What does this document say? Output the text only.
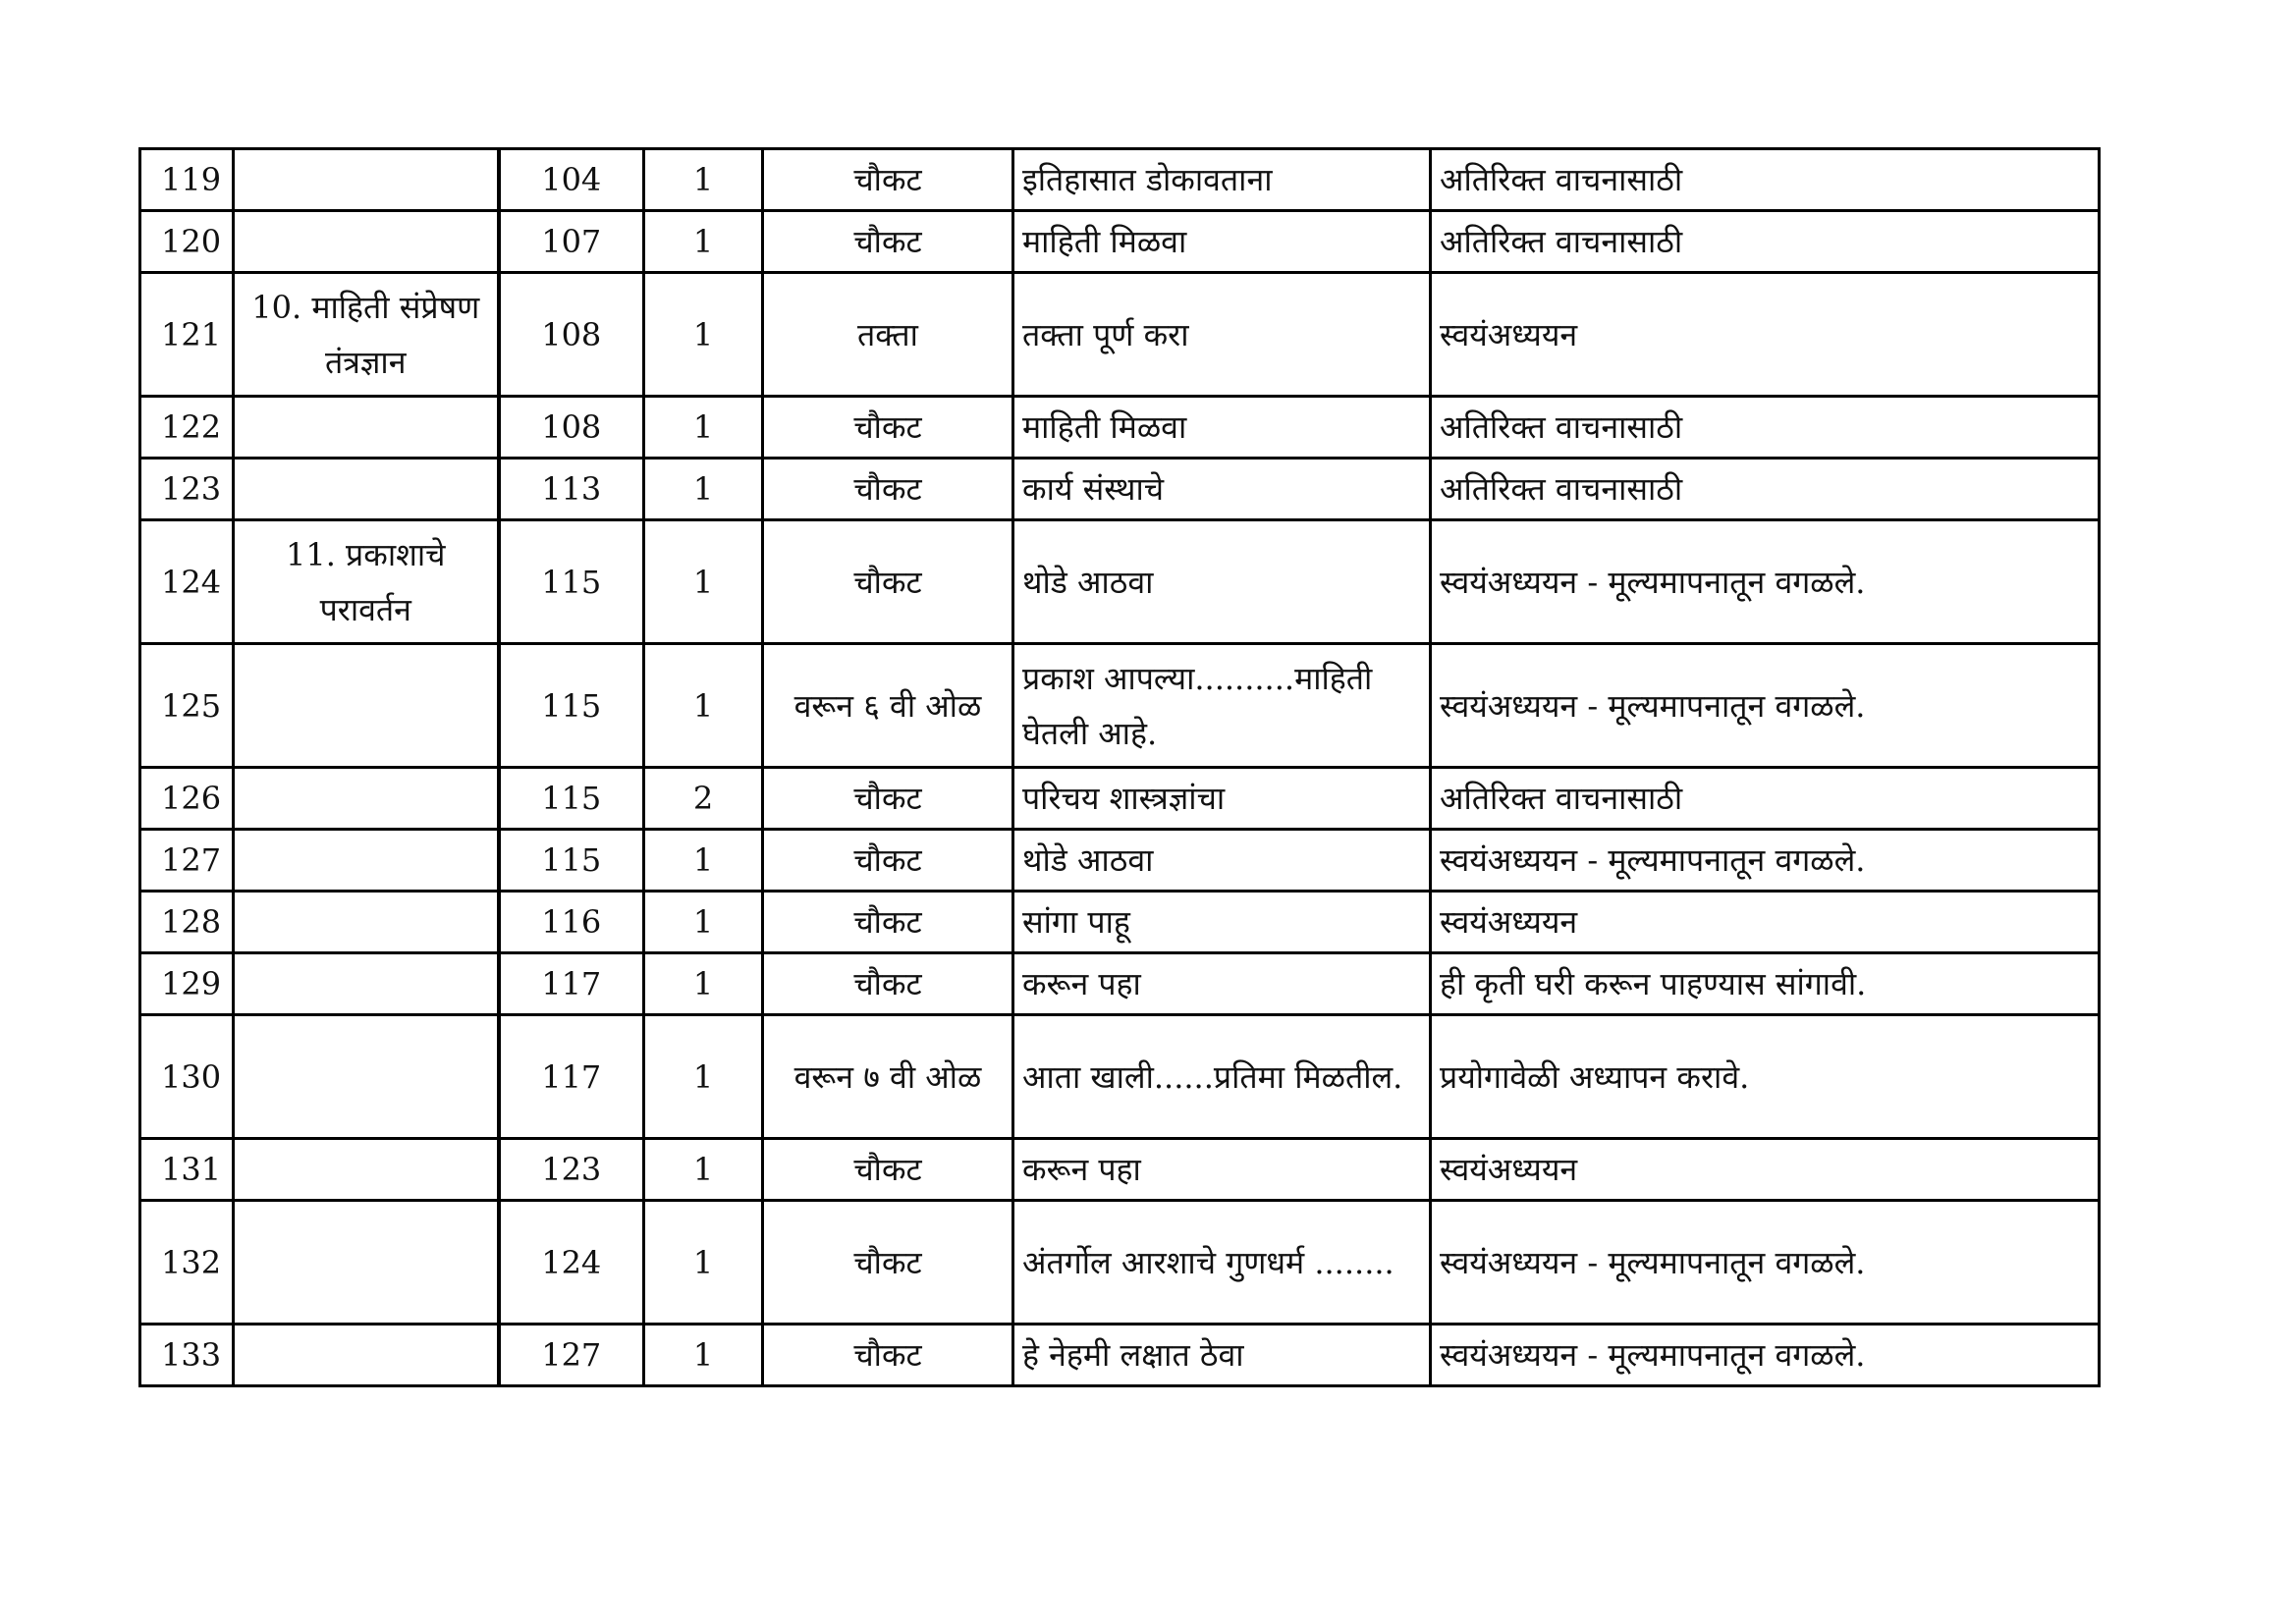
119		104	1	चौकट	इतिहासात डोकावताना	अतिरिक्त वाचनासाठी
120		107	1	चौकट	माहिती मिळवा	अतिरिक्त वाचनासाठी
121	10. माहिती संप्रेषण तंत्रज्ञान	108	1	तक्ता	तक्ता पूर्ण करा	स्वयंअध्ययन
122		108	1	चौकट	माहिती मिळवा	अतिरिक्त वाचनासाठी
123		113	1	चौकट	कार्य संस्थाचे	अतिरिक्त वाचनासाठी
124	11. प्रकाशाचे परावर्तन	115	1	चौकट	थोडे आठवा	स्वयंअध्ययन - मूल्यमापनातून वगळले.
125		115	1	वरून ६ वी ओळ	प्रकाश आपल्या..........माहिती घेतली आहे.	स्वयंअध्ययन - मूल्यमापनातून वगळले.
126		115	2	चौकट	परिचय शास्त्रज्ञांचा	अतिरिक्त वाचनासाठी
127		115	1	चौकट	थोडे आठवा	स्वयंअध्ययन - मूल्यमापनातून वगळले.
128		116	1	चौकट	सांगा पाहू	स्वयंअध्ययन
129		117	1	चौकट	करून पहा	ही कृती घरी करून पाहण्यास सांगावी.
130		117	1	वरून ७ वी ओळ	आता खाली......प्रतिमा मिळतील.	प्रयोगावेळी अध्यापन करावे.
131		123	1	चौकट	करून पहा	स्वयंअध्ययन
132		124	1	चौकट	अंतर्गोल आरशाचे गुणधर्म ........	स्वयंअध्ययन - मूल्यमापनातून वगळले.
133		127	1	चौकट	हे नेहमी लक्षात ठेवा	स्वयंअध्ययन - मूल्यमापनातून वगळले.
